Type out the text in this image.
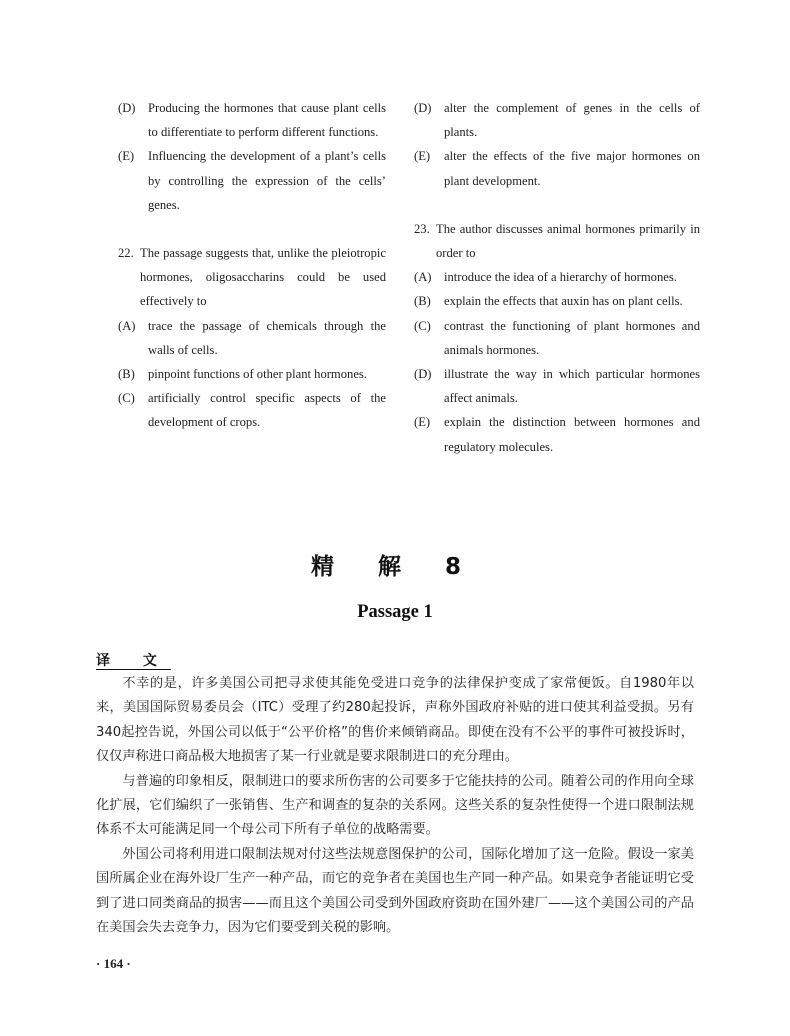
(D) Producing the hormones that cause plant cells to differentiate to perform different functions.
(E)	Influencing the development of a plant’s cells by controlling the expression of the cells’ genes.
22. The passage suggests that, unlike the pleiotropic hormones, oligosaccharins could be used effectively to
(A) trace the passage of chemicals through the walls of cells.
(B)	pinpoint functions of other plant hormones.
(C)	artificially control specific aspects of the development of crops.
(D) alter the complement of genes in the cells of plants.
(E)	alter the effects of the five major hormones on plant development.
23. The author discusses animal hormones primarily in order to
(A) introduce the idea of a hierarchy of hormones.
(B)	explain the effects that auxin has on plant cells.
(C)	contrast the functioning of plant hormones and animals hormones.
(D) illustrate the way in which particular hormones affect animals.
(E)	explain the distinction between hormones and regulatory molecules.
精 解 8
Passage 1
译 文

不幸的是，许多美国公司把寻求使其能免受进口竞争的法律保护变成了家常便饭。自1980年以来，美国国际贸易委员会（ITC）受理了约280起投诉，声称外国政府补贴的进口使其利益受损。另有340起控告说，外国公司以低于“公平价格”的售价来倾销商品。即使在没有不公平的事件可被投诉时，仅仅声称进口商品极大地损害了某一行业就是要求限制进口的充分理由。

与普遍的印象相反，限制进口的要求所伤害的公司要多于它能扶持的公司。随着公司的作用向全球化扩展，它们编织了一张销售、生产和调查的复杂的关系网。这些关系的复杂性使得一个进口限制法规体系不太可能满足同一个母公司下所有子单位的战略需要。

外国公司将利用进口限制法规对付这些法规意图保护的公司，国际化增加了这一危险。假设一家美国所属企业在海外设厂生产一种产品，而它的竞争者在美国也生产同一种产品。如果竞争者能证明它受到了进口同类商品的损害——而且这个美国公司受到外国政府资助在国外建厂——这个美国公司的产品在美国会失去竞争力，因为它们要受到关税的影响。

· 164 ·
